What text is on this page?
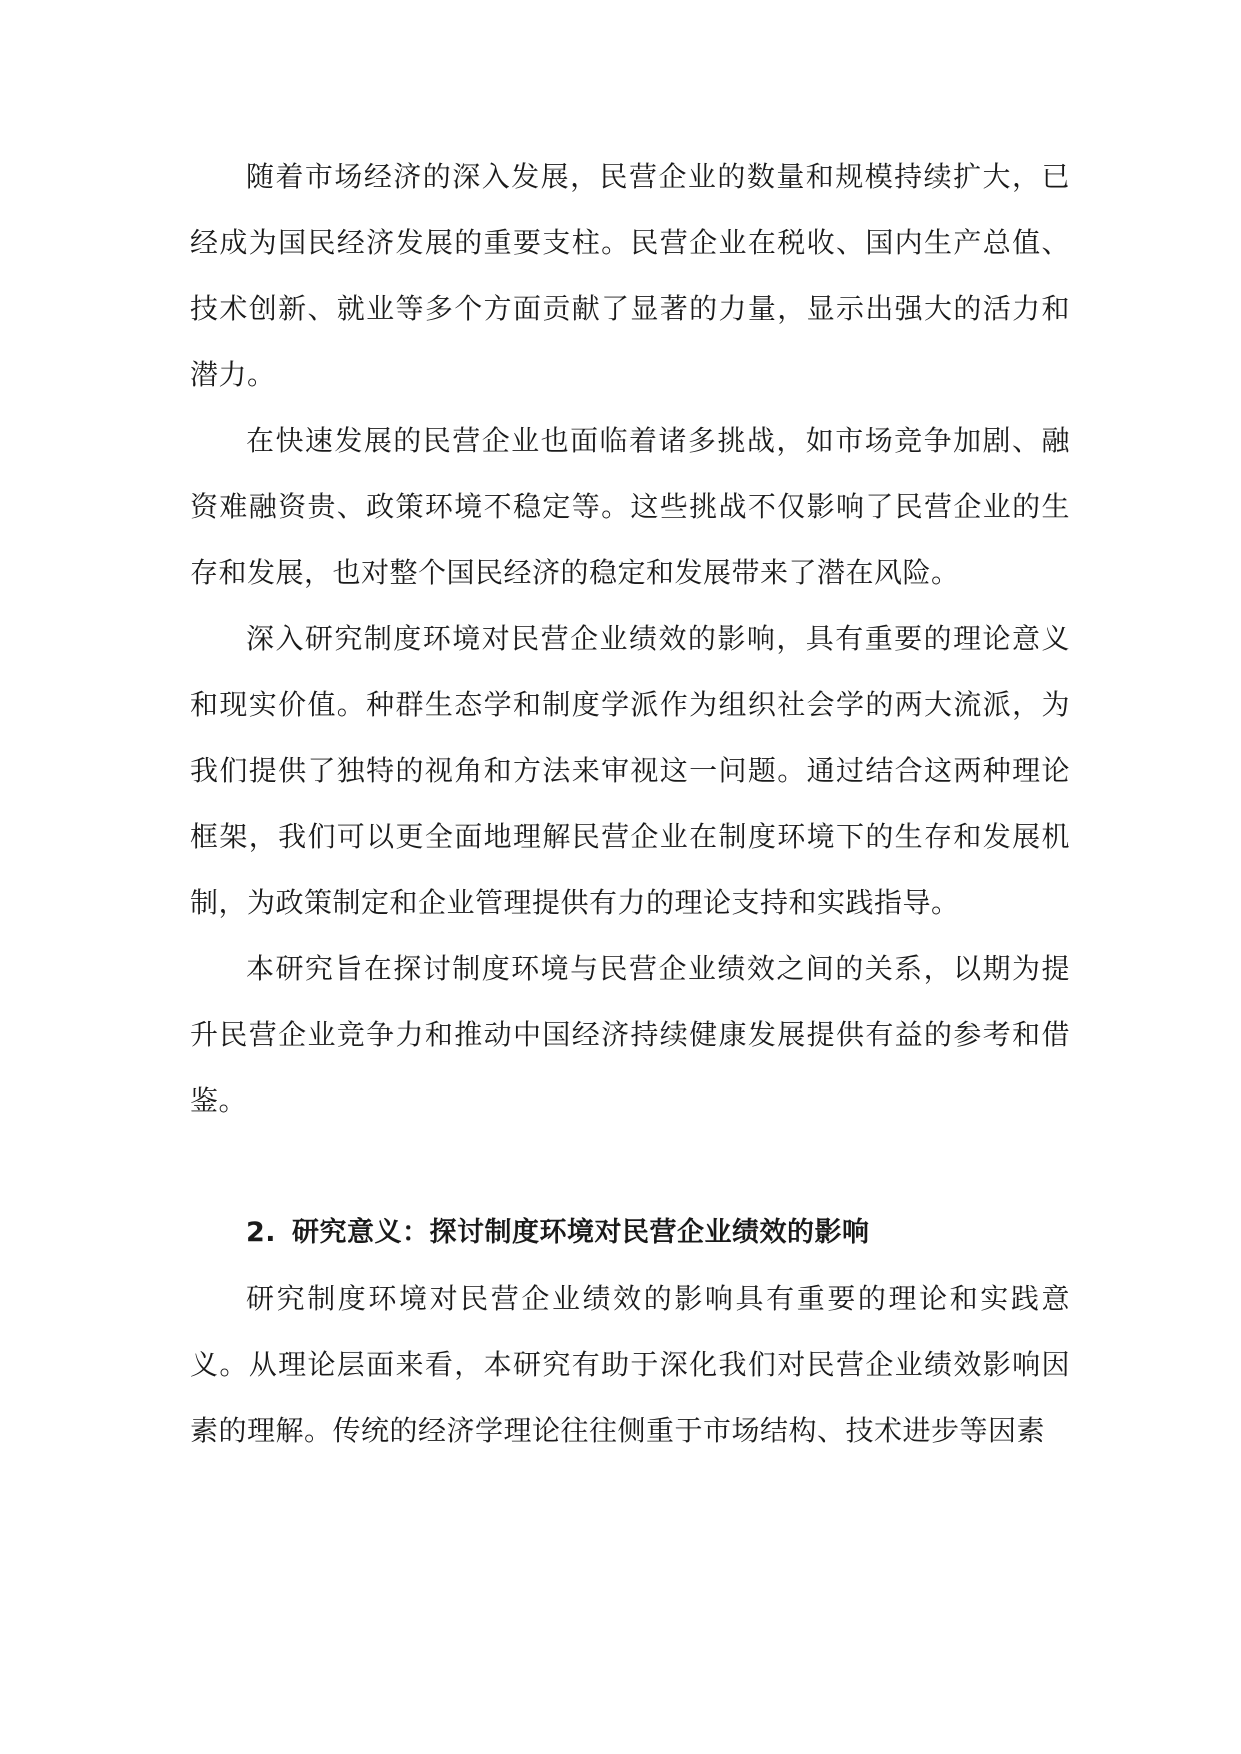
随着市场经济的深入发展，民营企业的数量和规模持续扩大，已经成为国民经济发展的重要支柱。民营企业在税收、国内生产总值、技术创新、就业等多个方面贡献了显著的力量，显示出强大的活力和潜力。

在快速发展的民营企业也面临着诸多挑战，如市场竞争加剧、融资难融资贵、政策环境不稳定等。这些挑战不仅影响了民营企业的生存和发展，也对整个国民经济的稳定和发展带来了潜在风险。

深入研究制度环境对民营企业绩效的影响，具有重要的理论意义和现实价值。种群生态学和制度学派作为组织社会学的两大流派，为我们提供了独特的视角和方法来审视这一问题。通过结合这两种理论框架，我们可以更全面地理解民营企业在制度环境下的生存和发展机制，为政策制定和企业管理提供有力的理论支持和实践指导。

本研究旨在探讨制度环境与民营企业绩效之间的关系，以期为提升民营企业竞争力和推动中国经济持续健康发展提供有益的参考和借鉴。

2. 研究意义：探讨制度环境对民营企业绩效的影响

研究制度环境对民营企业绩效的影响具有重要的理论和实践意义。从理论层面来看，本研究有助于深化我们对民营企业绩效影响因素的理解。传统的经济学理论往往侧重于市场结构、技术进步等因素
